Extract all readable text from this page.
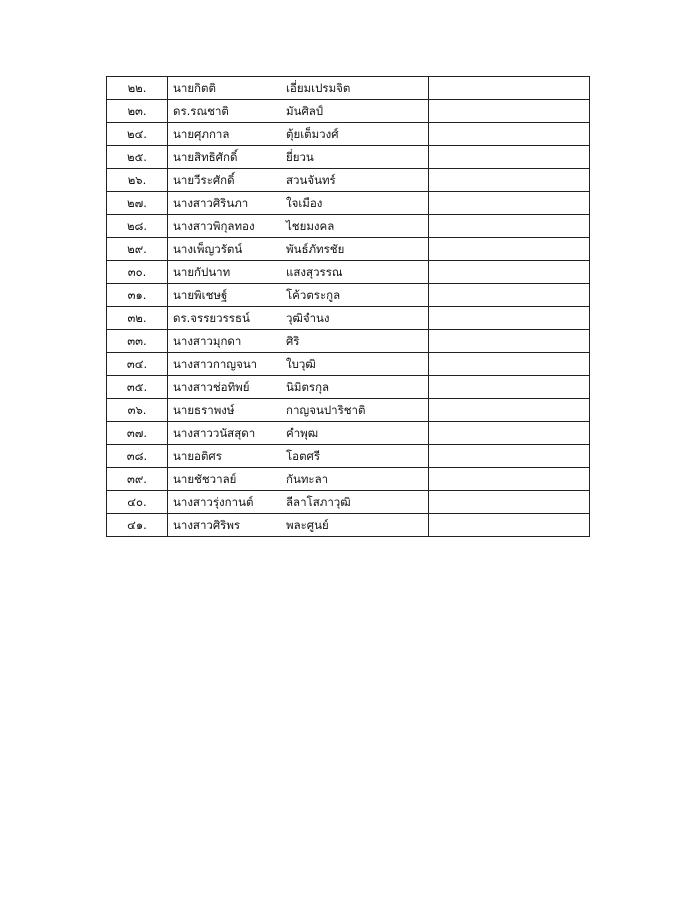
๒๒.	นายกิตติ เอี่ยมเปรมจิต	

๒๓.	ดร.รณชาติ มันศิลป์	

๒๔.	นายศุภกาล ตุ้ยเต็มวงศ์	

๒๕.	นายสิทธิศักดิ์ ยี่ยวน	

๒๖.	นายวีระศักดิ์ สวนจันทร์	

๒๗.	นางสาวศิรินภา ใจเมือง	

๒๘.	นางสาวพิกุลทอง ไชยมงคล	

๒๙.	นางเพ็ญวรัตน์ พันธ์ภัทรชัย	

๓๐.	นายกัปนาท แสงสุวรรณ	

๓๑.	นายพิเชษฐ์ โค้วตระกูล	

๓๒.	ดร.จรรยวรรธน์ วุฒิจำนง	

๓๓.	นางสาวมุกดา ศิริ	

๓๔.	นางสาวกาญจนา ใบวุฒิ	

๓๕.	นางสาวช่อทิพย์ นิมิตรกุล	

๓๖.	นายธราพงษ์ กาญจนปาริชาติ	

๓๗.	นางสาววนัสสุดา คำพุฒ	

๓๘.	นายอติศร โอตศรี	

๓๙.	นายชัชวาลย์ กันทะลา	

๔๐.	นางสาวรุ่งกานต์ ลีลาโสภาวุฒิ	

๔๑.	นางสาวศิริพร พละศูนย์	
